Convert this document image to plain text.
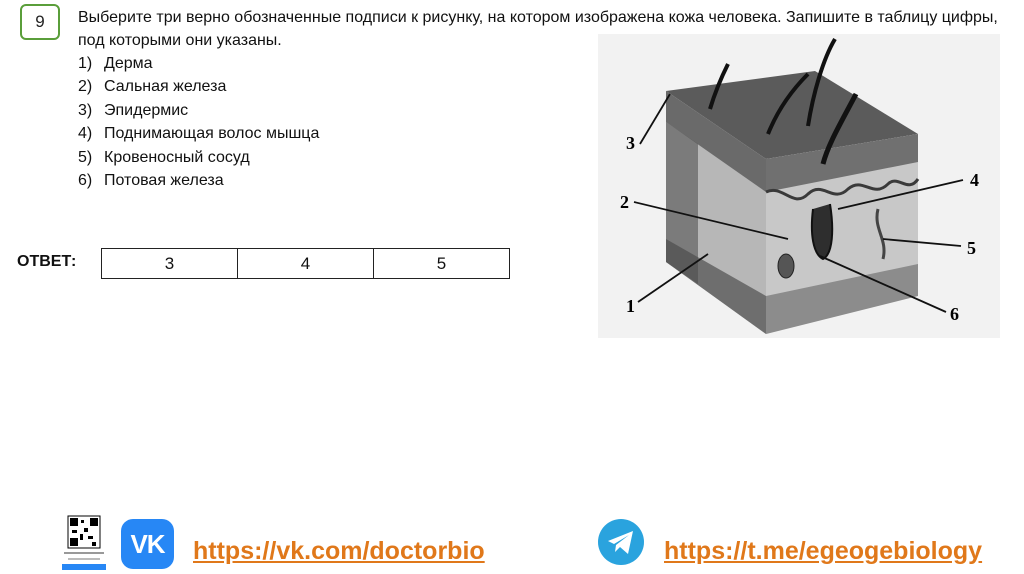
9	Выберите три верно обозначенные подписи к рисунку, на котором изображена кожа человека. Запишите в таблицу цифры, под которыми они указаны.
1) Дерма
2) Сальная железа
3) Эпидермис
4) Поднимающая волос мышца
5) Кровеносный сосуд
6) Потовая железа
ОТВЕТ:	3	4	5
3
2
4
5
1	6
VK	https://vk.com/doctorbio	https://t.me/egeogebiology
